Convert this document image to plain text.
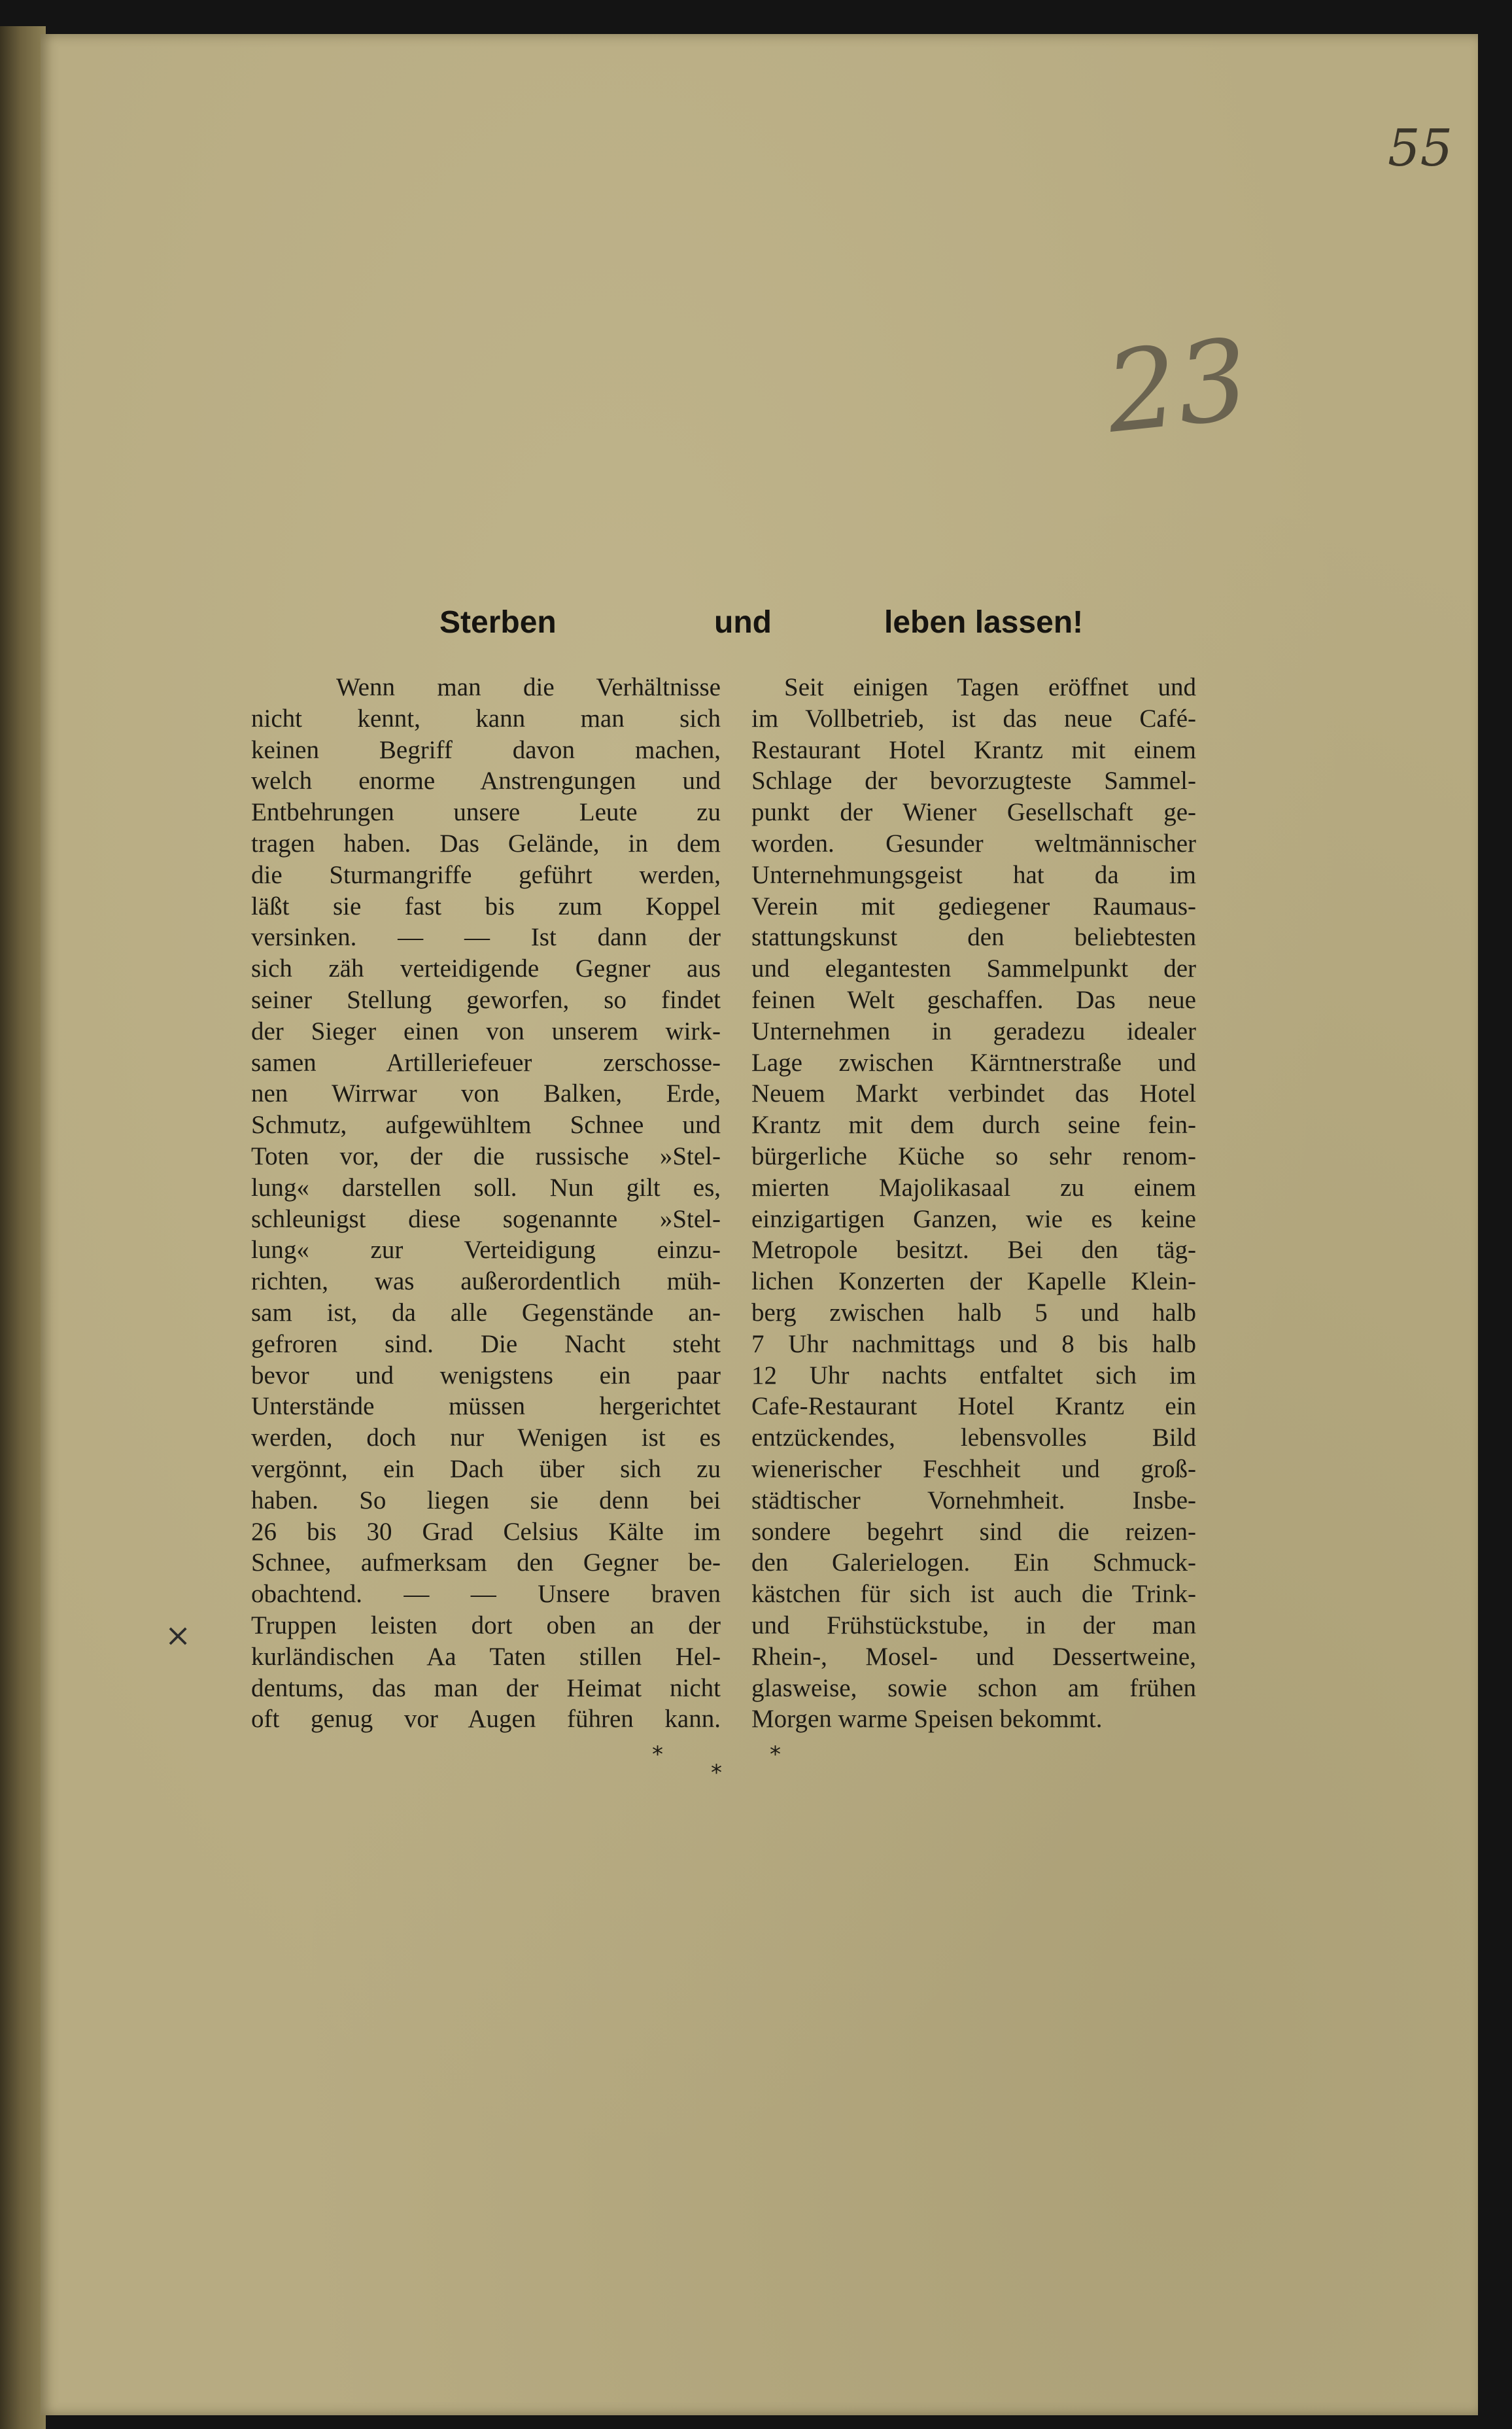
55
23
×
Sterben	und	leben lassen!
Wenn man die Verhältnisse
nicht kennt, kann man sich
keinen Begriff davon machen,
welch enorme Anstrengungen und
Entbehrungen unsere Leute zu
tragen haben. Das Gelände, in dem
die Sturmangriffe geführt werden,
läßt sie fast bis zum Koppel
versinken. — — Ist dann der
sich zäh verteidigende Gegner aus
seiner Stellung geworfen, so findet
der Sieger einen von unserem wirk-
samen Artilleriefeuer zerschosse-
nen Wirrwar von Balken, Erde,
Schmutz, aufgewühltem Schnee und
Toten vor, der die russische »Stel-
lung« darstellen soll. Nun gilt es,
schleunigst diese sogenannte »Stel-
lung« zur Verteidigung einzu-
richten, was außerordentlich müh-
sam ist, da alle Gegenstände an-
gefroren sind. Die Nacht steht
bevor und wenigstens ein paar
Unterstände müssen hergerichtet
werden, doch nur Wenigen ist es
vergönnt, ein Dach über sich zu
haben. So liegen sie denn bei
26 bis 30 Grad Celsius Kälte im
Schnee, aufmerksam den Gegner be-
obachtend. — — Unsere braven
Truppen leisten dort oben an der
kurländischen Aa Taten stillen Hel-
dentums, das man der Heimat nicht
oft genug vor Augen führen kann.
Seit einigen Tagen eröffnet und
im Vollbetrieb, ist das neue Café-
Restaurant Hotel Krantz mit einem
Schlage der bevorzugteste Sammel-
punkt der Wiener Gesellschaft ge-
worden. Gesunder weltmännischer
Unternehmungsgeist hat da im
Verein mit gediegener Raumaus-
stattungskunst den beliebtesten
und elegantesten Sammelpunkt der
feinen Welt geschaffen. Das neue
Unternehmen in geradezu idealer
Lage zwischen Kärntnerstraße und
Neuem Markt verbindet das Hotel
Krantz mit dem durch seine fein-
bürgerliche Küche so sehr renom-
mierten Majolikasaal zu einem
einzigartigen Ganzen, wie es keine
Metropole besitzt. Bei den täg-
lichen Konzerten der Kapelle Klein-
berg zwischen halb 5 und halb
7 Uhr nachmittags und 8 bis halb
12 Uhr nachts entfaltet sich im
Cafe-Restaurant Hotel Krantz ein
entzückendes, lebensvolles Bild
wienerischer Feschheit und groß-
städtischer Vornehmheit. Insbe-
sondere begehrt sind die reizen-
den Galerielogen. Ein Schmuck-
kästchen für sich ist auch die Trink-
und Frühstückstube, in der man
Rhein-, Mosel- und Dessertweine,
glasweise, sowie schon am frühen
Morgen warme Speisen bekommt.
*
*
*
